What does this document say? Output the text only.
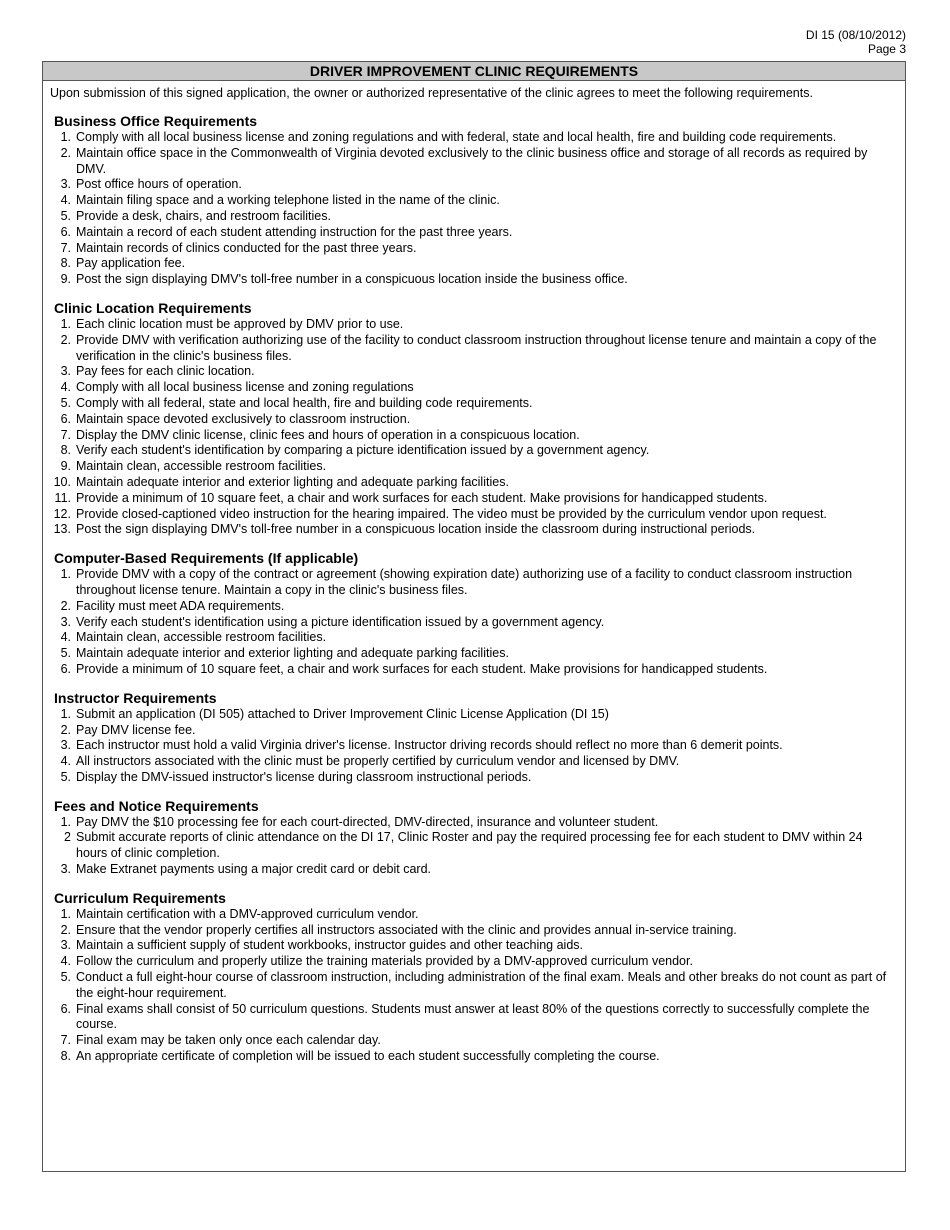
DI 15 (08/10/2012)
Page 3
DRIVER IMPROVEMENT CLINIC REQUIREMENTS
Upon submission of this signed application, the owner or authorized representative of the clinic agrees to meet the following requirements.
Business Office Requirements
1. Comply with all local business license and zoning regulations and with federal, state and local health, fire and building code requirements.
2. Maintain office space in the Commonwealth of Virginia devoted exclusively to the clinic business office and storage of all records as required by DMV.
3. Post office hours of operation.
4. Maintain filing space and a working telephone listed in the name of the clinic.
5. Provide a desk, chairs, and restroom facilities.
6. Maintain a record of each student attending instruction for the past three years.
7. Maintain records of clinics conducted for the past three years.
8. Pay application fee.
9. Post the sign displaying DMV's toll-free number in a conspicuous location inside the business office.
Clinic Location Requirements
1. Each clinic location must be approved by DMV prior to use.
2. Provide DMV with verification authorizing use of the facility to conduct classroom instruction throughout license tenure and maintain a copy of the verification in the clinic's business files.
3. Pay fees for each clinic location.
4. Comply with all local business license and zoning regulations
5. Comply with all federal, state and local health, fire and building code requirements.
6. Maintain space devoted exclusively to classroom instruction.
7. Display the DMV clinic license, clinic fees and hours of operation in a conspicuous location.
8. Verify each student's identification by comparing a picture identification issued by a government agency.
9. Maintain clean, accessible restroom facilities.
10. Maintain adequate interior and exterior lighting and adequate parking facilities.
11. Provide a minimum of 10 square feet, a chair and work surfaces for each student. Make provisions for handicapped students.
12. Provide closed-captioned video instruction for the hearing impaired. The video must be provided by the curriculum vendor upon request.
13. Post the sign displaying DMV's toll-free number in a conspicuous location inside the classroom during instructional periods.
Computer-Based Requirements (If applicable)
1. Provide DMV with a copy of the contract or agreement (showing expiration date) authorizing use of a facility to conduct classroom instruction throughout license tenure. Maintain a copy in the clinic's business files.
2. Facility must meet ADA requirements.
3. Verify each student's identification using a picture identification issued by a government agency.
4. Maintain clean, accessible restroom facilities.
5. Maintain adequate interior and exterior lighting and adequate parking facilities.
6. Provide a minimum of 10 square feet, a chair and work surfaces for each student. Make provisions for handicapped students.
Instructor Requirements
1. Submit an application (DI 505) attached to Driver Improvement Clinic License Application (DI 15)
2. Pay DMV license fee.
3. Each instructor must hold a valid Virginia driver's license. Instructor driving records should reflect no more than 6 demerit points.
4. All instructors associated with the clinic must be properly certified by curriculum vendor and licensed by DMV.
5. Display the DMV-issued instructor's license during classroom instructional periods.
Fees and Notice Requirements
1. Pay DMV the $10 processing fee for each court-directed, DMV-directed, insurance and volunteer student.
2 Submit accurate reports of clinic attendance on the DI 17, Clinic Roster and pay the required processing fee for each student to DMV within 24 hours of clinic completion.
3. Make Extranet payments using a major credit card or debit card.
Curriculum Requirements
1. Maintain certification with a DMV-approved curriculum vendor.
2. Ensure that the vendor properly certifies all instructors associated with the clinic and provides annual in-service training.
3. Maintain a sufficient supply of student workbooks, instructor guides and other teaching aids.
4. Follow the curriculum and properly utilize the training materials provided by a DMV-approved curriculum vendor.
5. Conduct a full eight-hour course of classroom instruction, including administration of the final exam. Meals and other breaks do not count as part of the eight-hour requirement.
6. Final exams shall consist of 50 curriculum questions. Students must answer at least 80% of the questions correctly to successfully complete the course.
7. Final exam may be taken only once each calendar day.
8. An appropriate certificate of completion will be issued to each student successfully completing the course.
